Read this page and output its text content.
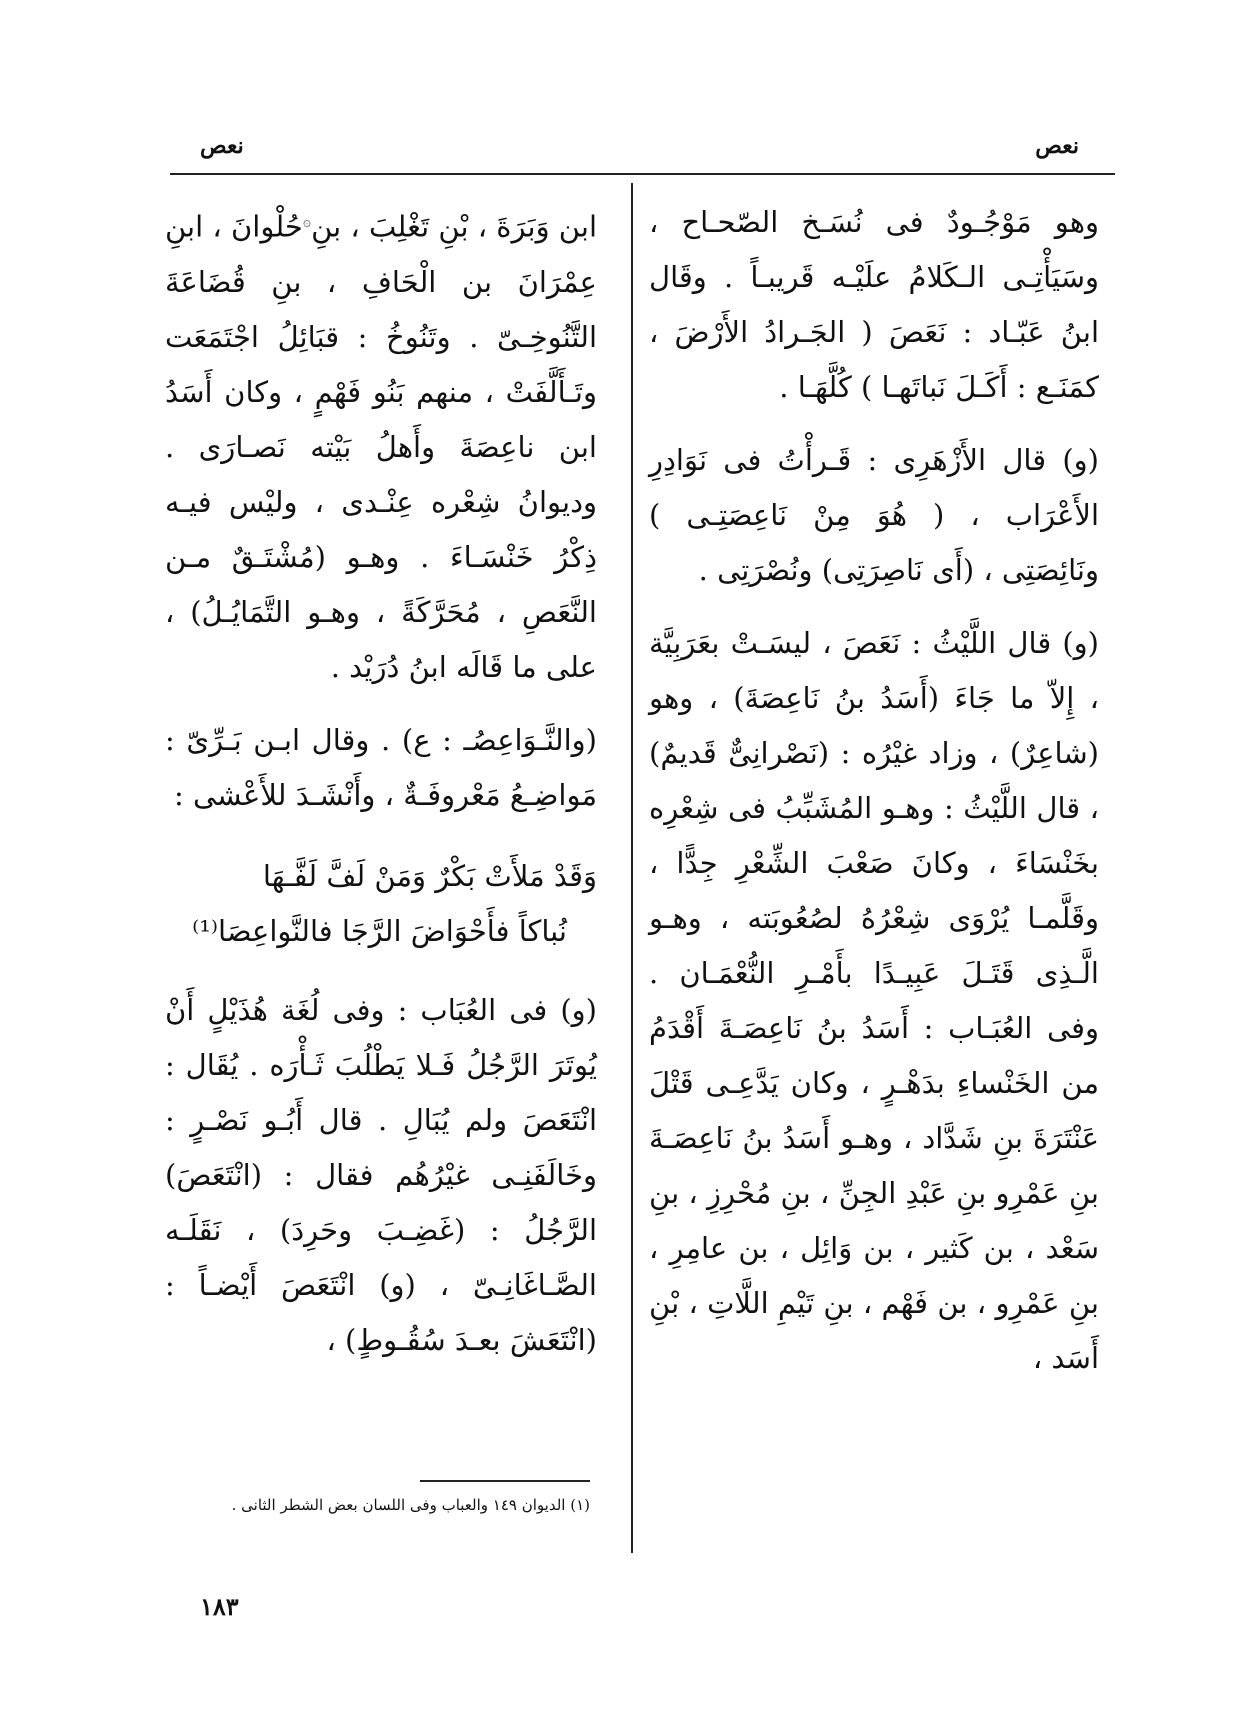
نعص
نعص

وهو مَوْجُـودٌ فى نُسَـخ الصّحـاح ، وسَيَأْتِـى الـكَلامُ علَيْـه قَريبـاً . وقَال ابنُ عَبّـاد : نَعَصَ ( الجَـرادُ الأَرْضَ ، كمَنَـع : أَكَـلَ نَباتَهـا ) كُلَّهَـا .

(و) قال الأَزْهَرِى : قَـرأْتُ فى نَوَادِرِ الأَعْرَاب ، ( هُوَ مِنْ نَاعِصَتِـى ) ونَائِصَتِى ، (أَى نَاصِرَتِى) ونُصْرَتِى .

(و) قال اللَّيْثُ : نَعَصَ ، ليسَـتْ بعَرَبِيَّة ، إِلاّ ما جَاءَ (أَسَدُ بنُ نَاعِصَةَ) ، وهو (شاعِرٌ) ، وزاد غيْرُه : (نَصْرانِىٌّ قَديمٌ) ، قال اللَّيْثُ : وهـو المُشَبِّبُ فى شِعْرِه بخَنْسَاءَ ، وكانَ صَعْبَ الشِّعْرِ جِدًّا ، وقَلَّمـا يُرْوَى شِعْرُهُ لصُعُوبَته ، وهـو الَّـذِى قَتَـلَ عَبِيـدًا بأَمْـرِ النُّعْمَـان . وفى العُبَـاب : أَسَدُ بنُ نَاعِصَـةَ أَقْدَمُ من الخَنْساءِ بدَهْـرٍ ، وكان يَدَّعِـى قَتْلَ عَنْتَرَةَ بنِ شَدَّاد ، وهـو أَسَدُ بنُ نَاعِصَـةَ بنِ عَمْرِو بنِ عَبْدِ الجِنِّ ، بنِ مُحْرِزِ ، بنِ سَعْد ، بن كَثير ، بن وَائِل ، بن عامِرِ ، بنِ عَمْرِو ، بن فَهْم ، بنِ تَيْمِ اللَّاتِ ، بْنِ أَسَد ،

ابن وَبَرَةَ ، بْنِ تَغْلِبَ ، بنِ۞حُلْوانَ ، ابنِ عِمْرَانَ بن الْحَافِ ، بنِ قُضَاعَةَ التَّنُوخِـىّ . وتَنُوخُ : قبَائِلُ اجْتَمَعَت وتَـأَلَّفَتْ ، منهم بَنُو فَهْمٍ ، وكان أَسَدُ ابن ناعِصَةَ وأَهلُ بَيْته نَصـارَى . وديوانُ شِعْره عِنْـدى ، وليْس فيـه ذِكْرُ خَنْسَـاءَ . وهـو (مُشْتَـقٌ مـن النَّعَصِ ، مُحَرَّكَةً ، وهـو التَّمَايُـلُ) ، على ما قَالَه ابنُ دُرَيْد .

(والنَّـوَاعِصُـ : ع) . وقال ابـن بَـرِّىّ : مَواضِـعُ مَعْروفَـةٌ ، وأَنْشَـدَ للأَعْشى :

وَقَدْ مَلأَتْ بَكْرٌ وَمَنْ لَفَّ لَفَّـهَا
نُباكاً فأَحْوَاضَ الرَّجَا فالنَّواعِصَا⁽¹⁾

(و) فى العُبَاب : وفى لُغَة هُذَيْلٍ أَنْ يُوتَرَ الرَّجُلُ فَـلا يَطْلُبَ ثَـأْرَه . يُقَال : انْتَعَصَ ولم يُبَالِ . قال أَبُـو نَصْـرٍ : وخَالَفَنِـى غيْرُهُم فقال : (انْتَعَصَ) الرَّجُلُ : (غَضِـبَ وحَرِدَ) ، نَقَلَـه الصَّـاغَانِـىّ ، (و) انْتَعَصَ أَيْضـاً : (انْتَعَشَ بعـدَ سُقُـوطٍ) ،

(١) الديوان ١٤٩ والعباب وفى اللسان بعض الشطر الثانى .
١٨٣
